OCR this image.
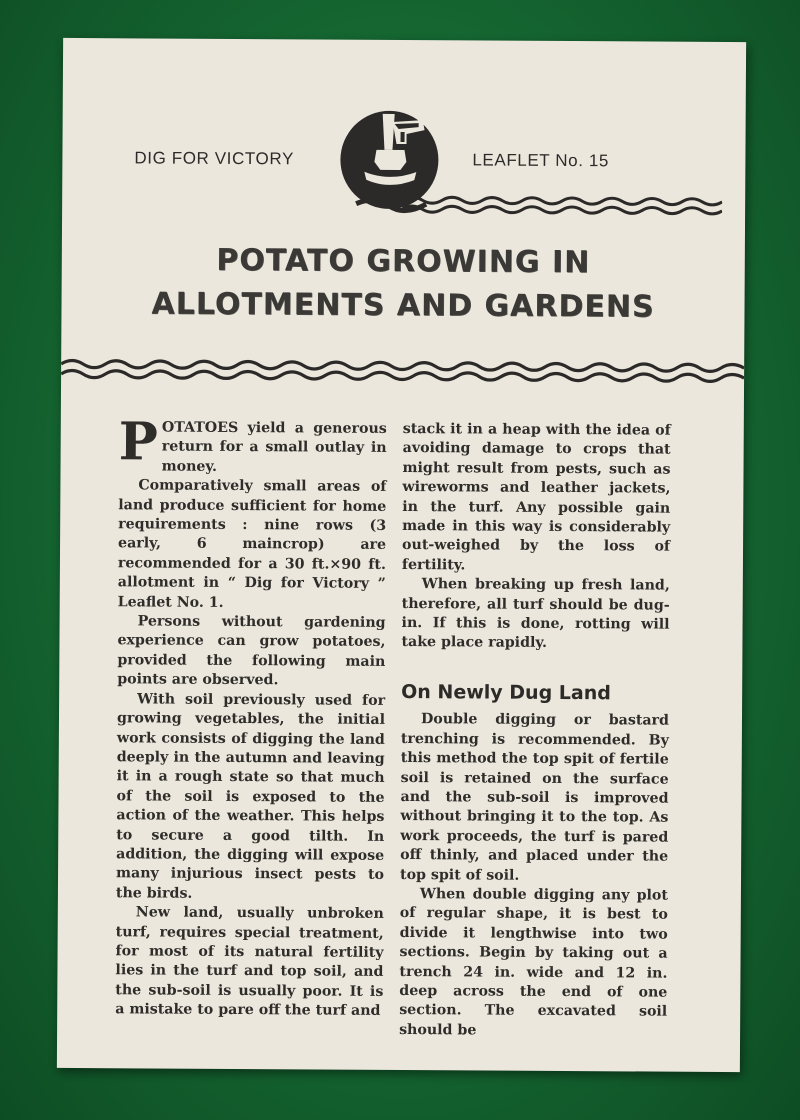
DIG FOR VICTORY	LEAFLET No. 15
POTATO GROWING IN
ALLOTMENTS AND GARDENS
P OTATOES yield a generous return for a small outlay in money.

Comparatively small areas of land produce sufficient for home requirements : nine rows (3 early, 6 maincrop) are recommended for a 30 ft.×90 ft. allotment in “ Dig for Victory ” Leaflet No. 1.

Persons without gardening experience can grow potatoes, provided the following main points are observed.

With soil previously used for growing vegetables, the initial work consists of digging the land deeply in the autumn and leaving it in a rough state so that much of the soil is exposed to the action of the weather. This helps to secure a good tilth. In addition, the digging will expose many injurious insect pests to the birds.

New land, usually unbroken turf, requires special treatment, for most of its natural fertility lies in the turf and top soil, and the sub-soil is usually poor. It is a mistake to pare off the turf and

stack it in a heap with the idea of avoiding damage to crops that might result from pests, such as wireworms and leather jackets, in the turf. Any possible gain made in this way is considerably out-weighed by the loss of fertility.

When breaking up fresh land, therefore, all turf should be dug-in. If this is done, rotting will take place rapidly.

On Newly Dug Land

Double digging or bastard trenching is recommended. By this method the top spit of fertile soil is retained on the surface and the sub-soil is improved without bringing it to the top. As work proceeds, the turf is pared off thinly, and placed under the top spit of soil.

When double digging any plot of regular shape, it is best to divide it lengthwise into two sections. Begin by taking out a trench 24 in. wide and 12 in. deep across the end of one section. The excavated soil should be
